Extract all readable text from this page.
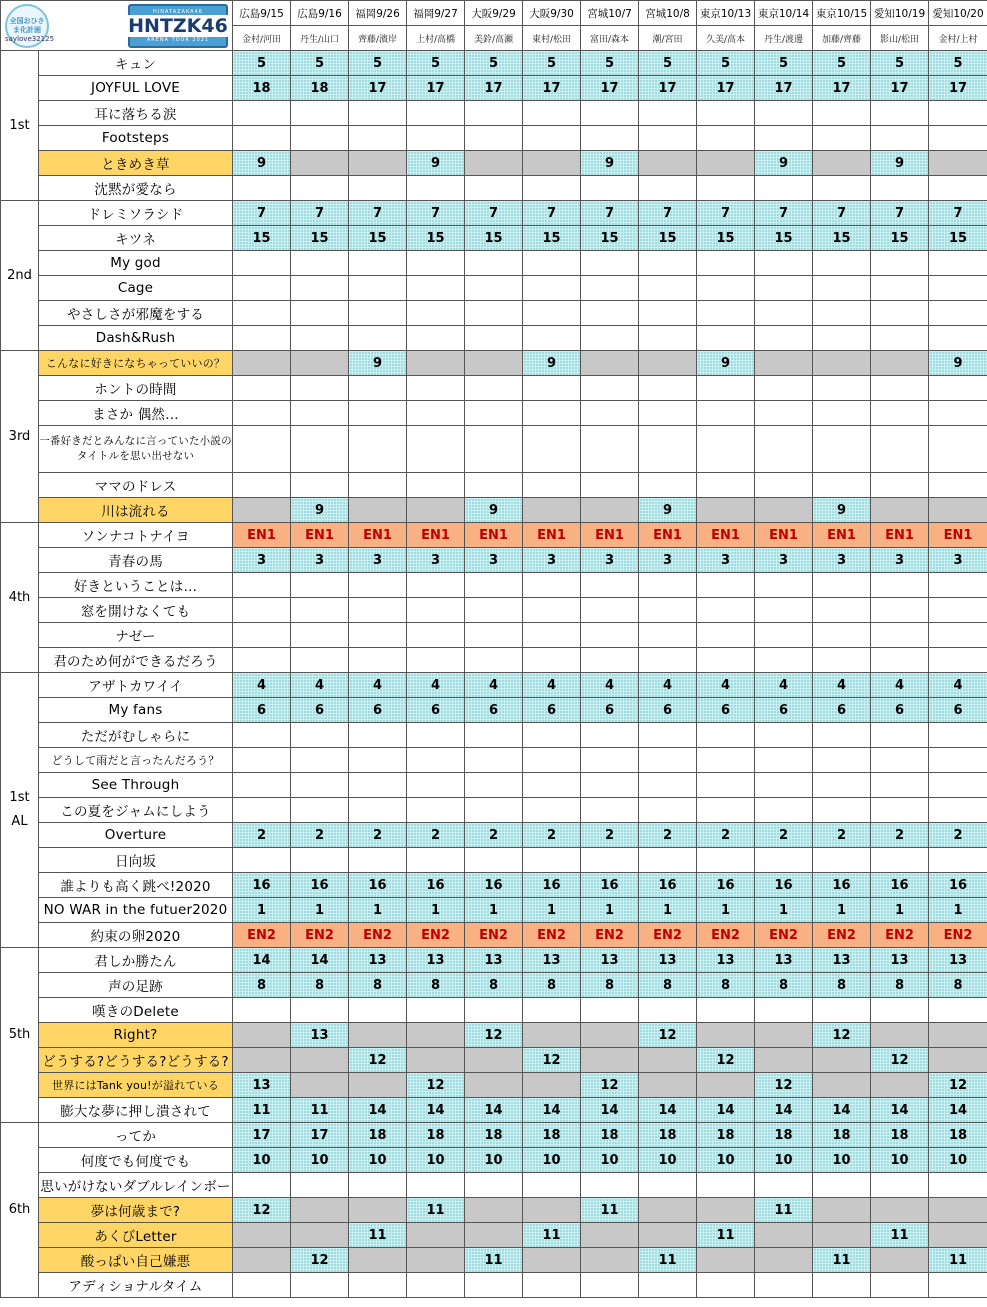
全国おひさま化計画
HINATAZAKA46
HNTZK46
ARENA TOUR 2021
saylove32125		広島9/15	広島9/16	福岡9/26	福岡9/27	大阪9/29	大阪9/30	宮城10/7	宮城10/8	東京10/13	東京10/14	東京10/15	愛知10/19	愛知10/20
		金村/河田	丹生/山口	齊藤/濱岸	上村/高橋	美鈴/高瀬	東村/松田	富田/森本	潮/宮田	久美/高本	丹生/渡邊	加藤/齊藤	影山/松田	金村/上村
1st	キュン	5	5	5	5	5	5	5	5	5	5	5	5	5
	JOYFUL LOVE	18	18	17	17	17	17	17	17	17	17	17	17	17
	耳に落ちる涙													
	Footsteps													
	ときめき草	9			9			9			9		9	
	沈黙が愛なら													
2nd	ドレミソラシド	7	7	7	7	7	7	7	7	7	7	7	7	7
	キツネ	15	15	15	15	15	15	15	15	15	15	15	15	15
	My god													
	Cage													
	やさしさが邪魔をする													
	Dash&Rush													
3rd	こんなに好きになちゃっていいの？			9			9			9				9
	ホントの時間													
	まさか 偶然…													
	一番好きだとみんなに言っていた小説のタイトルを思い出せない													
	ママのドレス													
	川は流れる		9			9			9			9		
4th	ソンナコトナイヨ	EN1	EN1	EN1	EN1	EN1	EN1	EN1	EN1	EN1	EN1	EN1	EN1	EN1
	青春の馬	3	3	3	3	3	3	3	3	3	3	3	3	3
	好きということは…													
	窓を開けなくても													
	ナゼー													
	君のため何ができるだろう													
1st AL	アザトカワイイ	4	4	4	4	4	4	4	4	4	4	4	4	4
	My fans	6	6	6	6	6	6	6	6	6	6	6	6	6
	ただがむしゃらに													
	どうして雨だと言ったんだろう？													
	See Through													
	この夏をジャムにしよう													
	Overture	2	2	2	2	2	2	2	2	2	2	2	2	2
	日向坂													
	誰よりも高く跳べ!2020	16	16	16	16	16	16	16	16	16	16	16	16	16
	NO WAR in the futuer2020	1	1	1	1	1	1	1	1	1	1	1	1	1
	約束の卵2020	EN2	EN2	EN2	EN2	EN2	EN2	EN2	EN2	EN2	EN2	EN2	EN2	EN2
5th	君しか勝たん	14	14	13	13	13	13	13	13	13	13	13	13	13
	声の足跡	8	8	8	8	8	8	8	8	8	8	8	8	8
	嘆きのDelete													
	Right?		13			12			12			12		
	どうする?どうする?どうする?			12			12			12			12	
	世界にはTank you!が溢れている	13			12			12			12			12
	膨大な夢に押し潰されて	11	11	14	14	14	14	14	14	14	14	14	14	14
6th	ってか	17	17	18	18	18	18	18	18	18	18	18	18	18
	何度でも何度でも	10	10	10	10	10	10	10	10	10	10	10	10	10
	思いがけないダブルレインボー													
	夢は何歳まで?	12			11			11			11			
	あくびLetter			11			11			11			11	
	酸っぱい自己嫌悪		12			11			11			11		11
	アディショナルタイム													
